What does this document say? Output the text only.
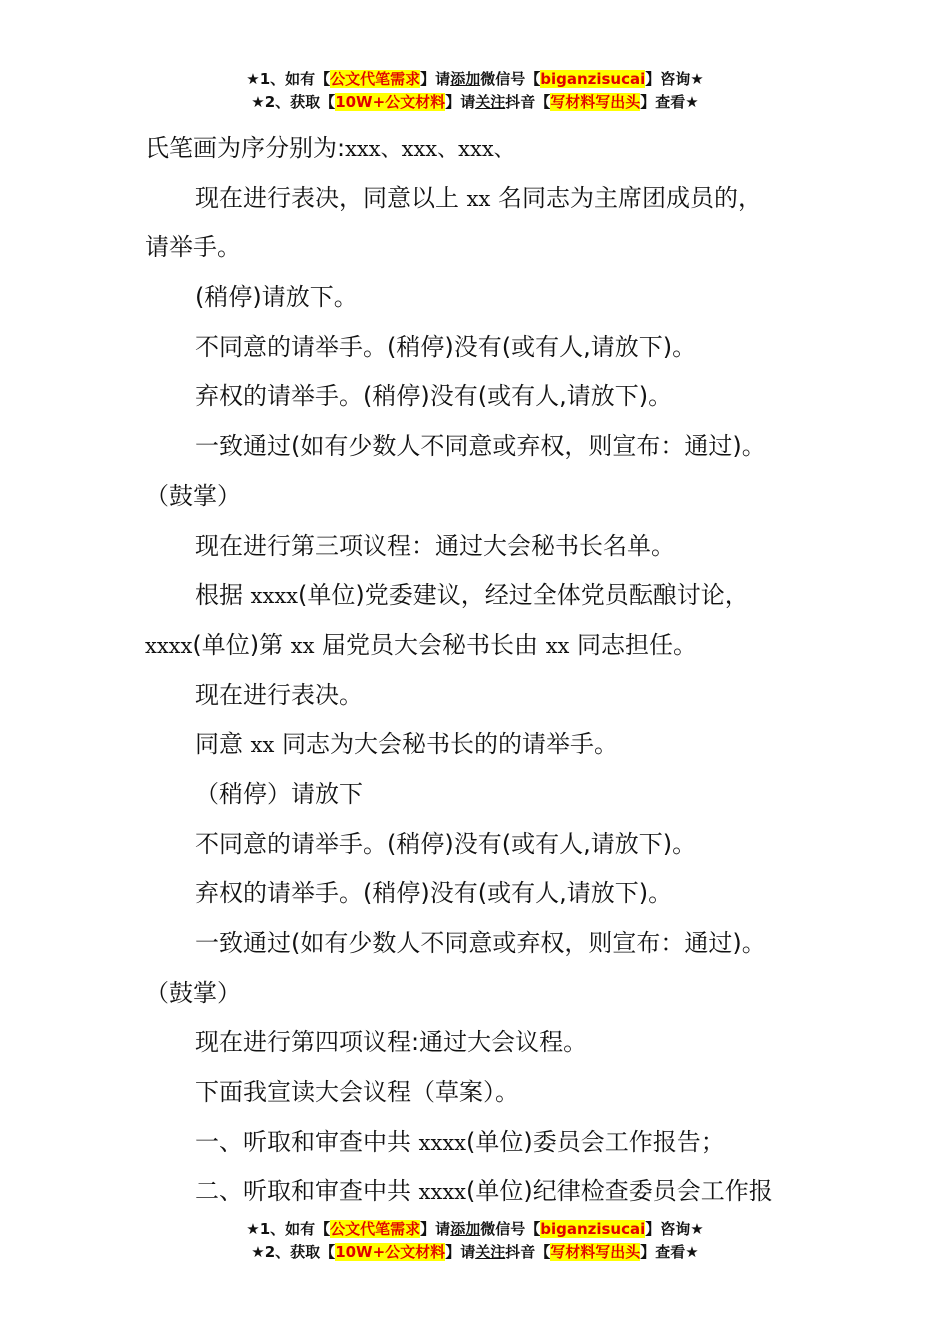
★1、如有【公文代笔需求】请添加微信号【biganzisucai】咨询★
★2、获取【10W+公文材料】请关注抖音【写材料写出头】查看★
氏笔画为序分别为:xxx、xxx、xxx、
现在进行表决，同意以上 xx 名同志为主席团成员的，
请举手。
(稍停)请放下。
不同意的请举手。(稍停)没有(或有人,请放下)。
弃权的请举手。(稍停)没有(或有人,请放下)。
一致通过(如有少数人不同意或弃权，则宣布：通过)。
（鼓掌）
现在进行第三项议程：通过大会秘书长名单。
根据 xxxx(单位)党委建议，经过全体党员酝酿讨论，
xxxx(单位)第 xx 届党员大会秘书长由 xx 同志担任。
现在进行表决。
同意 xx 同志为大会秘书长的的请举手。
（稍停）请放下
不同意的请举手。(稍停)没有(或有人,请放下)。
弃权的请举手。(稍停)没有(或有人,请放下)。
一致通过(如有少数人不同意或弃权，则宣布：通过)。
（鼓掌）
现在进行第四项议程:通过大会议程。
下面我宣读大会议程（草案）。
一、听取和审查中共 xxxx(单位)委员会工作报告；
二、听取和审查中共 xxxx(单位)纪律检查委员会工作报
★1、如有【公文代笔需求】请添加微信号【biganzisucai】咨询★
★2、获取【10W+公文材料】请关注抖音【写材料写出头】查看★
